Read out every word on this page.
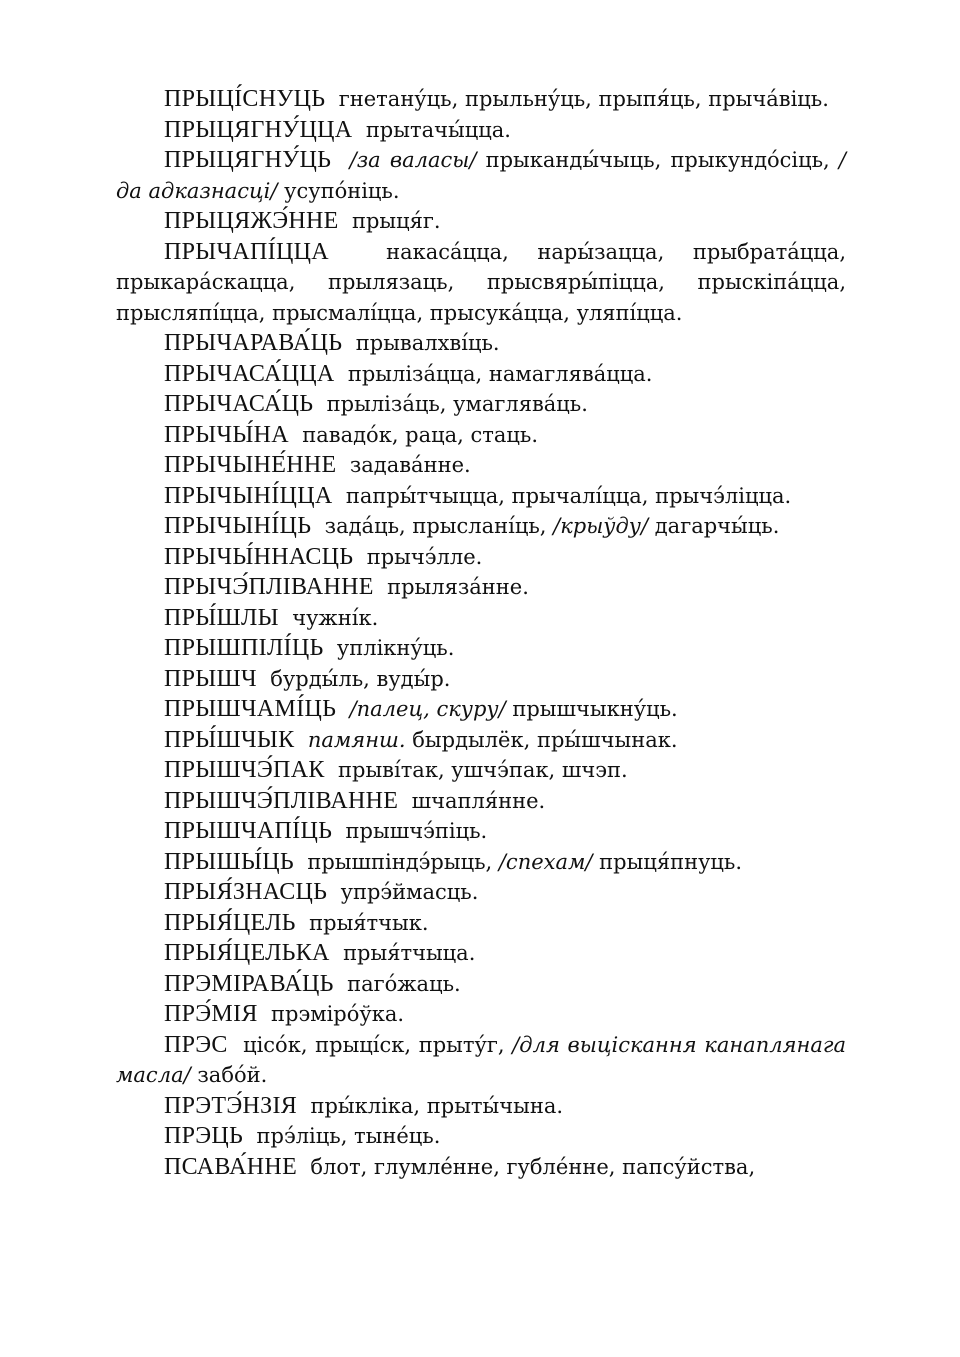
ПРЫЦІ́СНУЦЬ гнетану́ць, прыльну́ць, прыпя́ць, прыча́віць.

ПРЫЦЯГНУ́ЦЦА прытачы́цца.

ПРЫЦЯГНУ́ЦЬ /за валасы/ прыканды́чыць, прыкундо́сіць, /да адказнасці/ усупо́ніць.

ПРЫЦЯЖЭ́ННЕ прыця́г.

ПРЫЧАПІ́ЦЦА	накаса́цца, нары́зацца, прыбрата́цца, прыкара́скацца, прылязаць, прысвяры́піцца, прыскіпа́цца, прысляпі́цца, прысмалі́цца, прысука́цца, уляпі́цца.

ПРЫЧАРАВА́ЦЬ прывалхві́ць.

ПРЫЧАСА́ЦЦА прылiза́цца, намаглява́цца.

ПРЫЧАСА́ЦЬ прылiза́ць, умаглява́ць.

ПРЫЧЫ́НА павадо́к, раца, стаць.

ПРЫЧЫНЕ́ННЕ задава́нне.

ПРЫЧЫНІ́ЦЦА папры́тчыцца, прычалі́цца, прычэ́ліцца.

ПРЫЧЫНІ́ЦЬ зада́ць, прыслані́ць, /крыўду/ дагарчы́ць.

ПРЫЧЫ́ННАСЦЬ прычэ́лле.

ПРЫЧЭ́ПЛІВАННЕ прыляза́нне.

ПРЫ́ШЛЫ чужні́к.

ПРЫШПІЛІ́ЦЬ уплікну́ць.

ПРЫШЧ бурды́ль, вуды́р.

ПРЫШЧАМІ́ЦЬ /палец, скуру/ прышчыкну́ць.

ПРЫ́ШЧЫК памянш. бырдылёк, пры́шчынак.

ПРЫШЧЭ́ПАК прыві́так, ушчэ́пак, шчэп.

ПРЫШЧЭ́ПЛІВАННЕ шчапля́нне.

ПРЫШЧАПІ́ЦЬ прышчэ́піць.

ПРЫШЫ́ЦЬ прышпіндэ́рыць, /спехам/ прыця́пнуць.

ПРЫЯ́ЗНАСЦЬ упрэ́ймасць.

ПРЫЯ́ЦЕЛЬ прыя́тчык.

ПРЫЯ́ЦЕЛЬКА прыя́тчыца.

ПРЭМІРАВА́ЦЬ паго́жаць.

ПРЭ́МІЯ прэміро́ўка.

ПРЭС цісо́к, прыці́ск, прыту́г, /для выціскання канаплянага масла/ забо́й.

ПРЭТЭ́НЗІЯ пры́кліка, прыты́чына.

ПРЭЦЬ прэ́ліць, тыне́ць.

ПСАВА́ННЕ блот, глумле́нне, губле́нне, папсу́йства,
